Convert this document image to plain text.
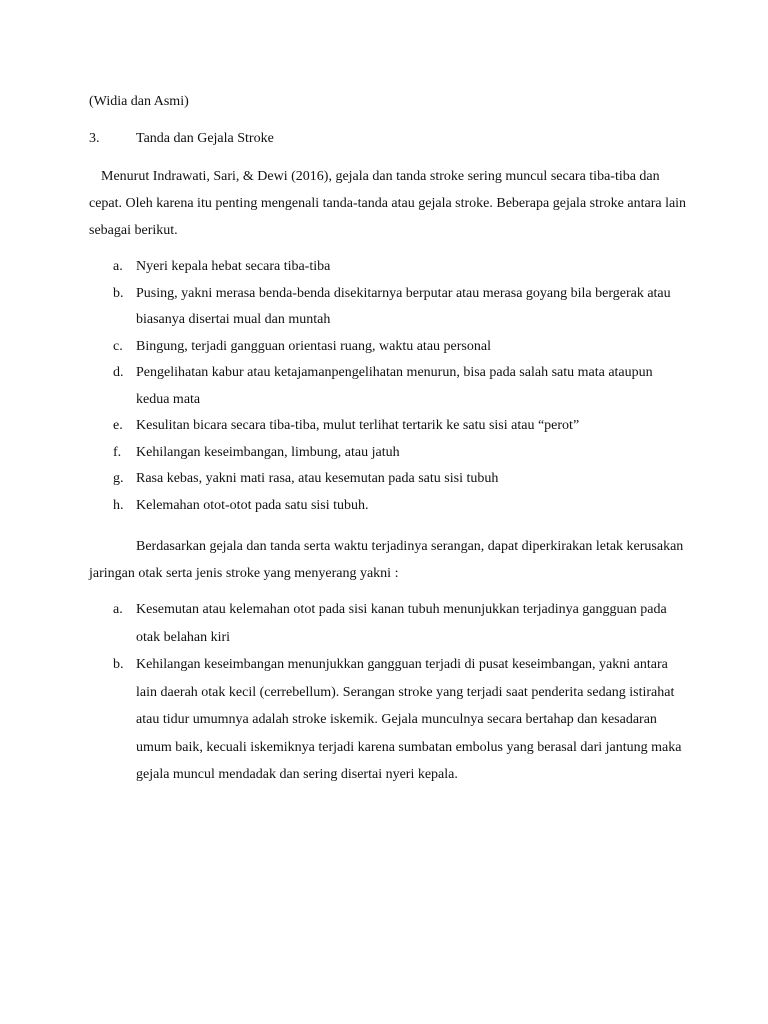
(Widia dan Asmi)
3.	Tanda dan Gejala Stroke

Menurut Indrawati, Sari, & Dewi (2016), gejala dan tanda stroke sering muncul secara tiba-tiba dan cepat. Oleh karena itu penting mengenali tanda-tanda atau gejala stroke. Beberapa gejala stroke antara lain sebagai berikut.

a. Nyeri kepala hebat secara tiba-tiba
b. Pusing, yakni merasa benda-benda disekitarnya berputar atau merasa goyang bila bergerak atau biasanya disertai mual dan muntah
c. Bingung, terjadi gangguan orientasi ruang, waktu atau personal
d. Pengelihatan kabur atau ketajamanpengelihatan menurun, bisa pada salah satu mata ataupun kedua mata
e. Kesulitan bicara secara tiba-tiba, mulut terlihat tertarik ke satu sisi atau “perot”
f. Kehilangan keseimbangan, limbung, atau jatuh
g. Rasa kebas, yakni mati rasa, atau kesemutan pada satu sisi tubuh
h. Kelemahan otot-otot pada satu sisi tubuh.

Berdasarkan gejala dan tanda serta waktu terjadinya serangan, dapat diperkirakan letak kerusakan jaringan otak serta jenis stroke yang menyerang yakni :

a. Kesemutan atau kelemahan otot pada sisi kanan tubuh menunjukkan terjadinya gangguan pada otak belahan kiri
b. Kehilangan keseimbangan menunjukkan gangguan terjadi di pusat keseimbangan, yakni antara lain daerah otak kecil (cerrebellum). Serangan stroke yang terjadi saat penderita sedang istirahat atau tidur umumnya adalah stroke iskemik. Gejala munculnya secara bertahap dan kesadaran umum baik, kecuali iskemiknya terjadi karena sumbatan embolus yang berasal dari jantung maka gejala muncul mendadak dan sering disertai nyeri kepala.
